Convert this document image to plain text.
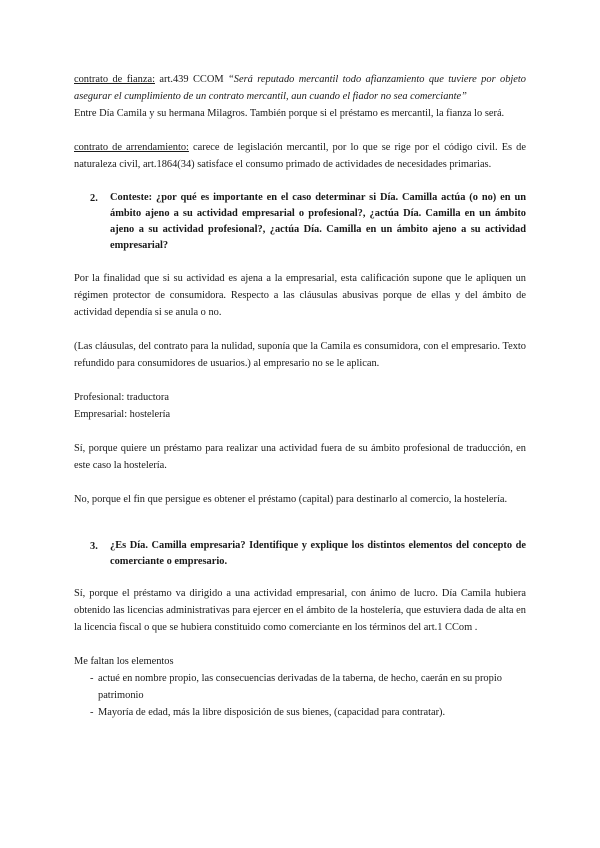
contrato de fianza: art.439 CCOM “Será reputado mercantil todo afianzamiento que tuviere por objeto asegurar el cumplimiento de un contrato mercantil, aun cuando el fiador no sea comerciante”

Entre Día Camila y su hermana Milagros. También porque si el préstamo es mercantil, la fianza lo será.

contrato de arrendamiento: carece de legislación mercantil, por lo que se rige por el código civil. Es de naturaleza civil, art.1864(34) satisface el consumo primado de actividades de necesidades primarias.

2.	Conteste: ¿por qué es importante en el caso determinar si Día. Camilla actúa (o no) en un ámbito ajeno a su actividad empresarial o profesional?, ¿actúa Día. Camilla en un ámbito ajeno a su actividad profesional?, ¿actúa Día. Camilla en un ámbito ajeno a su actividad empresarial?

Por la finalidad que si su actividad es ajena a la empresarial, esta calificación supone que le apliquen un régimen protector de consumidora. Respecto a las cláusulas abusivas porque de ellas y del ámbito de actividad dependía si se anula o no.

(Las cláusulas, del contrato para la nulidad, suponía que la Camila es consumidora, con el empresario. Texto refundido para consumidores de usuarios.) al empresario no se le aplican.

Profesional: traductora

Empresarial: hostelería

Sí, porque quiere un préstamo para realizar una actividad fuera de su ámbito profesional de traducción, en este caso la hostelería.

No, porque el fin que persigue es obtener el préstamo (capital) para destinarlo al comercio, la hostelería.

3.	¿Es Día. Camilla empresaria? Identifique y explique los distintos elementos del concepto de comerciante o empresario.

Sí, porque el préstamo va dirigido a una actividad empresarial, con ánimo de lucro. Día Camila hubiera obtenido las licencias administrativas para ejercer en el ámbito de la hostelería, que estuviera dada de alta en la licencia fiscal o que se hubiera constituido como comerciante en los términos del art.1 CCom .

Me faltan los elementos

- actué en nombre propio, las consecuencias derivadas de la taberna, de hecho, caerán en su propio patrimonio
- Mayoría de edad, más la libre disposición de sus bienes, (capacidad para contratar).
